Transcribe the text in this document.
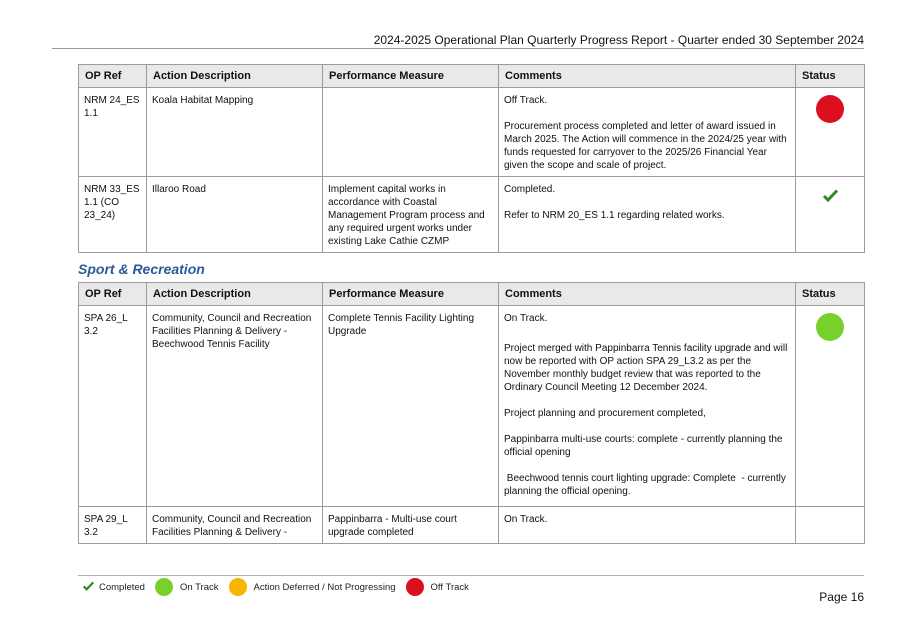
2024-2025 Operational Plan Quarterly Progress Report - Quarter ended 30 September 2024
OP Ref	Action Description	Performance Measure	Comments	Status
NRM 24_ES 1.1	Koala Habitat Mapping		Off Track.

Procurement process completed and letter of award issued in March 2025. The Action will commence in the 2024/25 year with funds requested for carryover to the 2025/26 Financial Year given the scope and scale of project.	

NRM 33_ES 1.1 (CO 23_24)	Illaroo Road	Implement capital works in accordance with Coastal Management Program process and any required urgent works under existing Lake Cathie CZMP	Completed.

Refer to NRM 20_ES 1.1 regarding related works.

Sport & Recreation
OP Ref	Action Description	Performance Measure	Comments	Status
SPA 26_L 3.2	Community, Council and Recreation Facilities Planning & Delivery - Beechwood Tennis Facility	Complete Tennis Facility Lighting Upgrade	On Track.

Project merged with Pappinbarra Tennis facility upgrade and will now be reported with OP action SPA 29_L3.2 as per the November monthly budget review that was reported to the Ordinary Council Meeting 12 December 2024.

Project planning and procurement completed,

Pappinbarra multi-use courts: complete - currently planning the official opening

Beechwood tennis court lighting upgrade: Complete  - currently planning the official opening.	

SPA 29_L 3.2	Community, Council and Recreation Facilities Planning & Delivery -	Pappinbarra - Multi-use court upgrade completed	On Track.	

Completed	On Track	Action Deferred / Not Progressing	Off Track
Page 16
